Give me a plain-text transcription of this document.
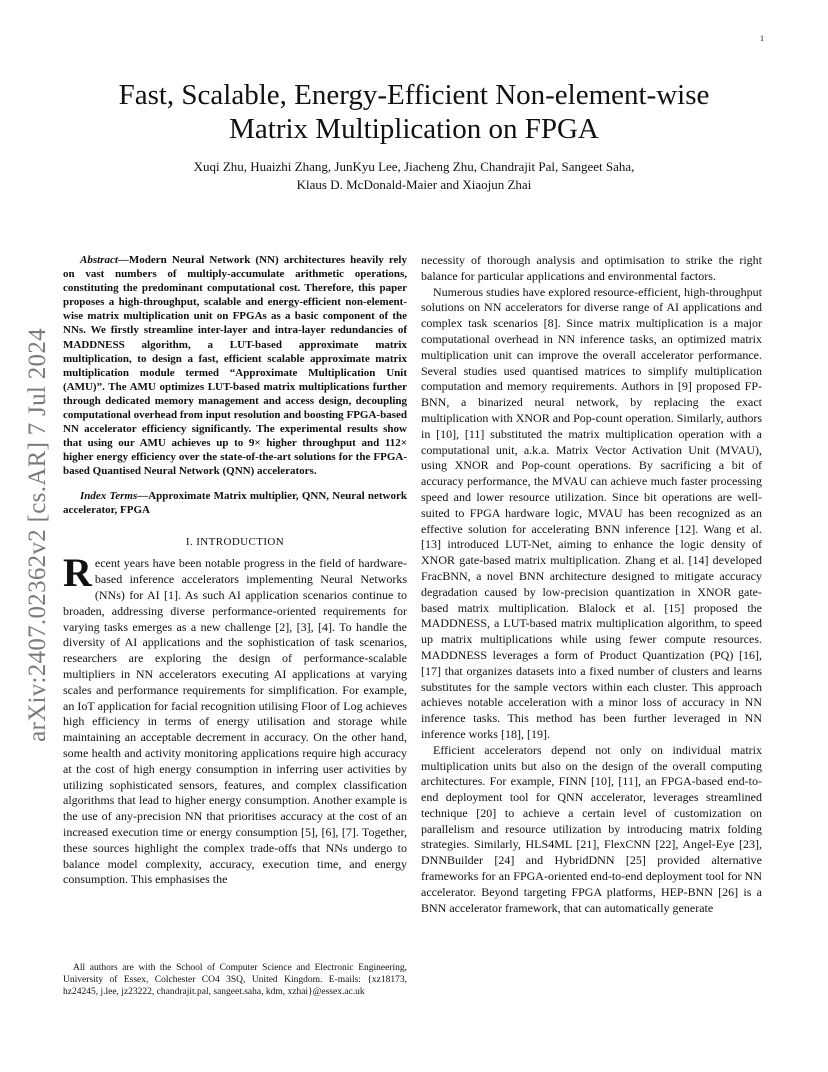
1
arXiv:2407.02362v2 [cs.AR] 7 Jul 2024
Fast, Scalable, Energy-Efficient Non-element-wise
Matrix Multiplication on FPGA
Xuqi Zhu, Huaizhi Zhang, JunKyu Lee, Jiacheng Zhu, Chandrajit Pal, Sangeet Saha,
Klaus D. McDonald-Maier and Xiaojun Zhai

Abstract—Modern Neural Network (NN) architectures heavily rely on vast numbers of multiply-accumulate arithmetic operations, constituting the predominant computational cost. Therefore, this paper proposes a high-throughput, scalable and energy-efficient non-element-wise matrix multiplication unit on FPGAs as a basic component of the NNs. We firstly streamline inter-layer and intra-layer redundancies of MADDNESS algorithm, a LUT-based approximate matrix multiplication, to design a fast, efficient scalable approximate matrix multiplication module termed “Approximate Multiplication Unit (AMU)”. The AMU optimizes LUT-based matrix multiplications further through dedicated memory management and access design, decoupling computational overhead from input resolution and boosting FPGA-based NN accelerator efficiency significantly. The experimental results show that using our AMU achieves up to 9× higher throughput and 112× higher energy efficiency over the state-of-the-art solutions for the FPGA-based Quantised Neural Network (QNN) accelerators.

Index Terms—Approximate Matrix multiplier, QNN, Neural network accelerator, FPGA

I. INTRODUCTION

Recent years have been notable progress in the field of hardware-based inference accelerators implementing Neural Networks (NNs) for AI [1]. As such AI application scenarios continue to broaden, addressing diverse performance-oriented requirements for varying tasks emerges as a new challenge [2], [3], [4]. To handle the diversity of AI applications and the sophistication of task scenarios, researchers are exploring the design of performance-scalable multipliers in NN accelerators executing AI applications at varying scales and performance requirements for simplification. For example, an IoT application for facial recognition utilising Floor of Log achieves high efficiency in terms of energy utilisation and storage while maintaining an acceptable decrement in accuracy. On the other hand, some health and activity monitoring applications require high accuracy at the cost of high energy consumption in inferring user activities by utilizing sophisticated sensors, features, and complex classification algorithms that lead to higher energy consumption. Another example is the use of any-precision NN that prioritises accuracy at the cost of an increased execution time or energy consumption [5], [6], [7]. Together, these sources highlight the complex trade-offs that NNs undergo to balance model complexity, accuracy, execution time, and energy consumption. This emphasises the

All authors are with the School of Computer Science and Electronic Engineering, University of Essex, Colchester CO4 3SQ, United Kingdom. E-mails: {xz18173, hz24245, j.lee, jz23222, chandrajit.pal, sangeet.saha, kdm, xzhai}@essex.ac.uk

necessity of thorough analysis and optimisation to strike the right balance for particular applications and environmental factors.

Numerous studies have explored resource-efficient, high-throughput solutions on NN accelerators for diverse range of AI applications and complex task scenarios [8]. Since matrix multiplication is a major computational overhead in NN inference tasks, an optimized matrix multiplication unit can improve the overall accelerator performance. Several studies used quantised matrices to simplify multiplication computation and memory requirements. Authors in [9] proposed FP-BNN, a binarized neural network, by replacing the exact multiplication with XNOR and Pop-count operation. Similarly, authors in [10], [11] substituted the matrix multiplication operation with a computational unit, a.k.a. Matrix Vector Activation Unit (MVAU), using XNOR and Pop-count operations. By sacrificing a bit of accuracy performance, the MVAU can achieve much faster processing speed and lower resource utilization. Since bit operations are well-suited to FPGA hardware logic, MVAU has been recognized as an effective solution for accelerating BNN inference [12]. Wang et al. [13] introduced LUT-Net, aiming to enhance the logic density of XNOR gate-based matrix multiplication. Zhang et al. [14] developed FracBNN, a novel BNN architecture designed to mitigate accuracy degradation caused by low-precision quantization in XNOR gate-based matrix multiplication. Blalock et al. [15] proposed the MADDNESS, a LUT-based matrix multiplication algorithm, to speed up matrix multiplications while using fewer compute resources. MADDNESS leverages a form of Product Quantization (PQ) [16], [17] that organizes datasets into a fixed number of clusters and learns substitutes for the sample vectors within each cluster. This approach achieves notable acceleration with a minor loss of accuracy in NN inference tasks. This method has been further leveraged in NN inference works [18], [19].

Efficient accelerators depend not only on individual matrix multiplication units but also on the design of the overall computing architectures. For example, FINN [10], [11], an FPGA-based end-to-end deployment tool for QNN accelerator, leverages streamlined technique [20] to achieve a certain level of customization on parallelism and resource utilization by introducing matrix folding strategies. Similarly, HLS4ML [21], FlexCNN [22], Angel-Eye [23], DNNBuilder [24] and HybridDNN [25] provided alternative frameworks for an FPGA-oriented end-to-end deployment tool for NN accelerator. Beyond targeting FPGA platforms, HEP-BNN [26] is a BNN accelerator framework, that can automatically generate
